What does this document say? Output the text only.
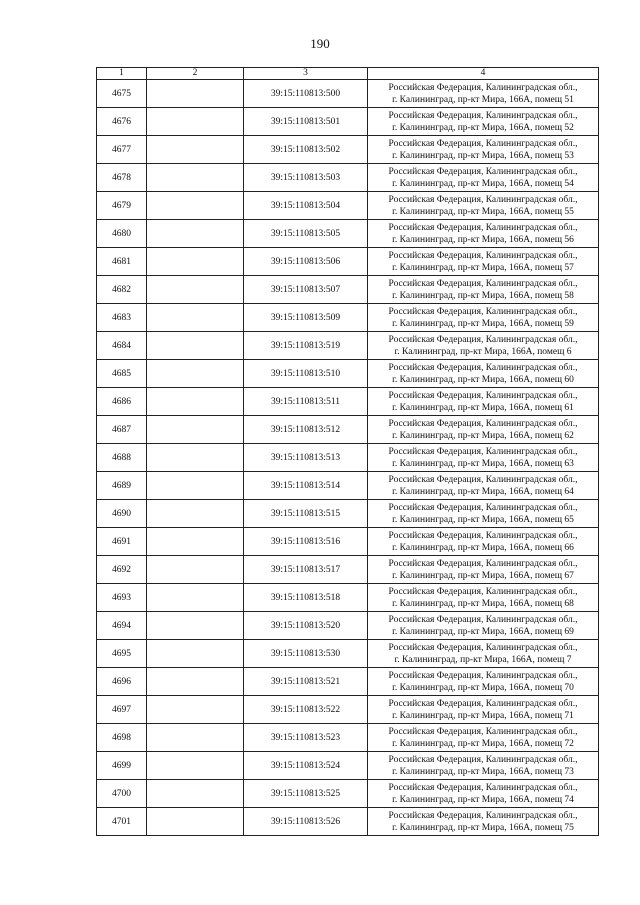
190
1	2	3	4
4675		39:15:110813:500	Российская Федерация, Калининградская обл.,
г. Калининград, пр-кт Мира, 166А, помещ 51

4676		39:15:110813:501	Российская Федерация, Калининградская обл.,
г. Калининград, пр-кт Мира, 166А, помещ 52

4677		39:15:110813:502	Российская Федерация, Калининградская обл.,
г. Калининград, пр-кт Мира, 166А, помещ 53

4678		39:15:110813:503	Российская Федерация, Калининградская обл.,
г. Калининград, пр-кт Мира, 166А, помещ 54

4679		39:15:110813:504	Российская Федерация, Калининградская обл.,
г. Калининград, пр-кт Мира, 166А, помещ 55

4680		39:15:110813:505	Российская Федерация, Калининградская обл.,
г. Калининград, пр-кт Мира, 166А, помещ 56

4681		39:15:110813:506	Российская Федерация, Калининградская обл.,
г. Калининград, пр-кт Мира, 166А, помещ 57

4682		39:15:110813:507	Российская Федерация, Калининградская обл.,
г. Калининград, пр-кт Мира, 166А, помещ 58

4683		39:15:110813:509	Российская Федерация, Калининградская обл.,
г. Калининград, пр-кт Мира, 166А, помещ 59

4684		39:15:110813:519	Российская Федерация, Калининградская обл.,
г. Калининград, пр-кт Мира, 166А, помещ 6

4685		39:15:110813:510	Российская Федерация, Калининградская обл.,
г. Калининград, пр-кт Мира, 166А, помещ 60

4686		39:15:110813:511	Российская Федерация, Калининградская обл.,
г. Калининград, пр-кт Мира, 166А, помещ 61

4687		39:15:110813:512	Российская Федерация, Калининградская обл.,
г. Калининград, пр-кт Мира, 166А, помещ 62

4688		39:15:110813:513	Российская Федерация, Калининградская обл.,
г. Калининград, пр-кт Мира, 166А, помещ 63

4689		39:15:110813:514	Российская Федерация, Калининградская обл.,
г. Калининград, пр-кт Мира, 166А, помещ 64

4690		39:15:110813:515	Российская Федерация, Калининградская обл.,
г. Калининград, пр-кт Мира, 166А, помещ 65

4691		39:15:110813:516	Российская Федерация, Калининградская обл.,
г. Калининград, пр-кт Мира, 166А, помещ 66

4692		39:15:110813:517	Российская Федерация, Калининградская обл.,
г. Калининград, пр-кт Мира, 166А, помещ 67

4693		39:15:110813:518	Российская Федерация, Калининградская обл.,
г. Калининград, пр-кт Мира, 166А, помещ 68

4694		39:15:110813:520	Российская Федерация, Калининградская обл.,
г. Калининград, пр-кт Мира, 166А, помещ 69

4695		39:15:110813:530	Российская Федерация, Калининградская обл.,
г. Калининград, пр-кт Мира, 166А, помещ 7

4696		39:15:110813:521	Российская Федерация, Калининградская обл.,
г. Калининград, пр-кт Мира, 166А, помещ 70

4697		39:15:110813:522	Российская Федерация, Калининградская обл.,
г. Калининград, пр-кт Мира, 166А, помещ 71

4698		39:15:110813:523	Российская Федерация, Калининградская обл.,
г. Калининград, пр-кт Мира, 166А, помещ 72

4699		39:15:110813:524	Российская Федерация, Калининградская обл.,
г. Калининград, пр-кт Мира, 166А, помещ 73

4700		39:15:110813:525	Российская Федерация, Калининградская обл.,
г. Калининград, пр-кт Мира, 166А, помещ 74

4701		39:15:110813:526	Российская Федерация, Калининградская обл.,
г. Калининград, пр-кт Мира, 166А, помещ 75
